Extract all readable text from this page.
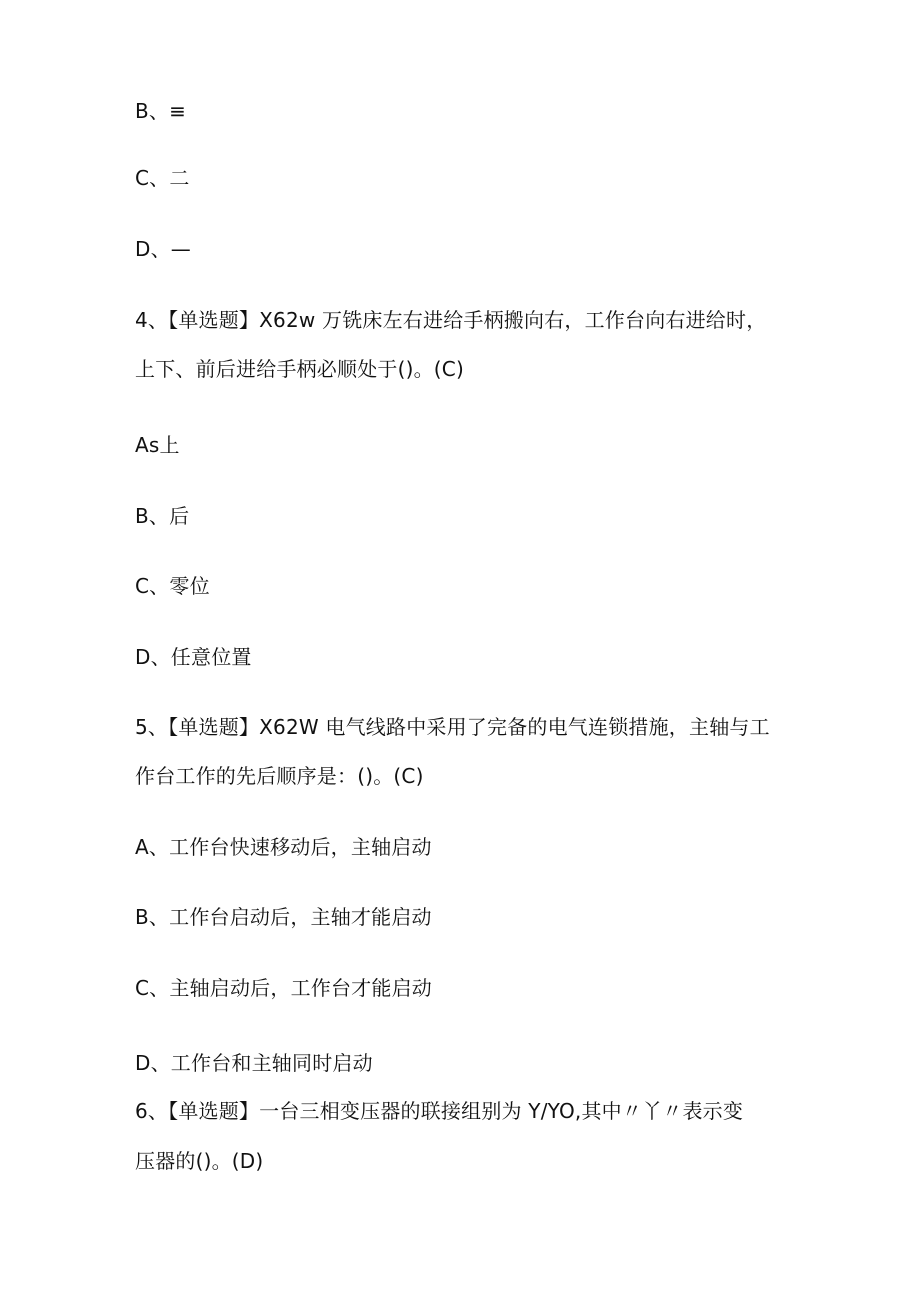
B、≡
C、二
D、—
4、【单选题】X62w 万铣床左右进给手柄搬向右，工作台向右进给时，
上下、前后进给手柄必顺处于()。(C)
As上
B、后
C、零位
D、任意位置
5、【单选题】X62W 电气线路中采用了完备的电气连锁措施，主轴与工
作台工作的先后顺序是：()。(C)
A、工作台快速移动后，主轴启动
B、工作台启动后，主轴才能启动
C、主轴启动后，工作台才能启动
D、工作台和主轴同时启动
6、【单选题】一台三相变压器的联接组别为 Y/YO,其中〃丫〃表示变
压器的()。(D)
